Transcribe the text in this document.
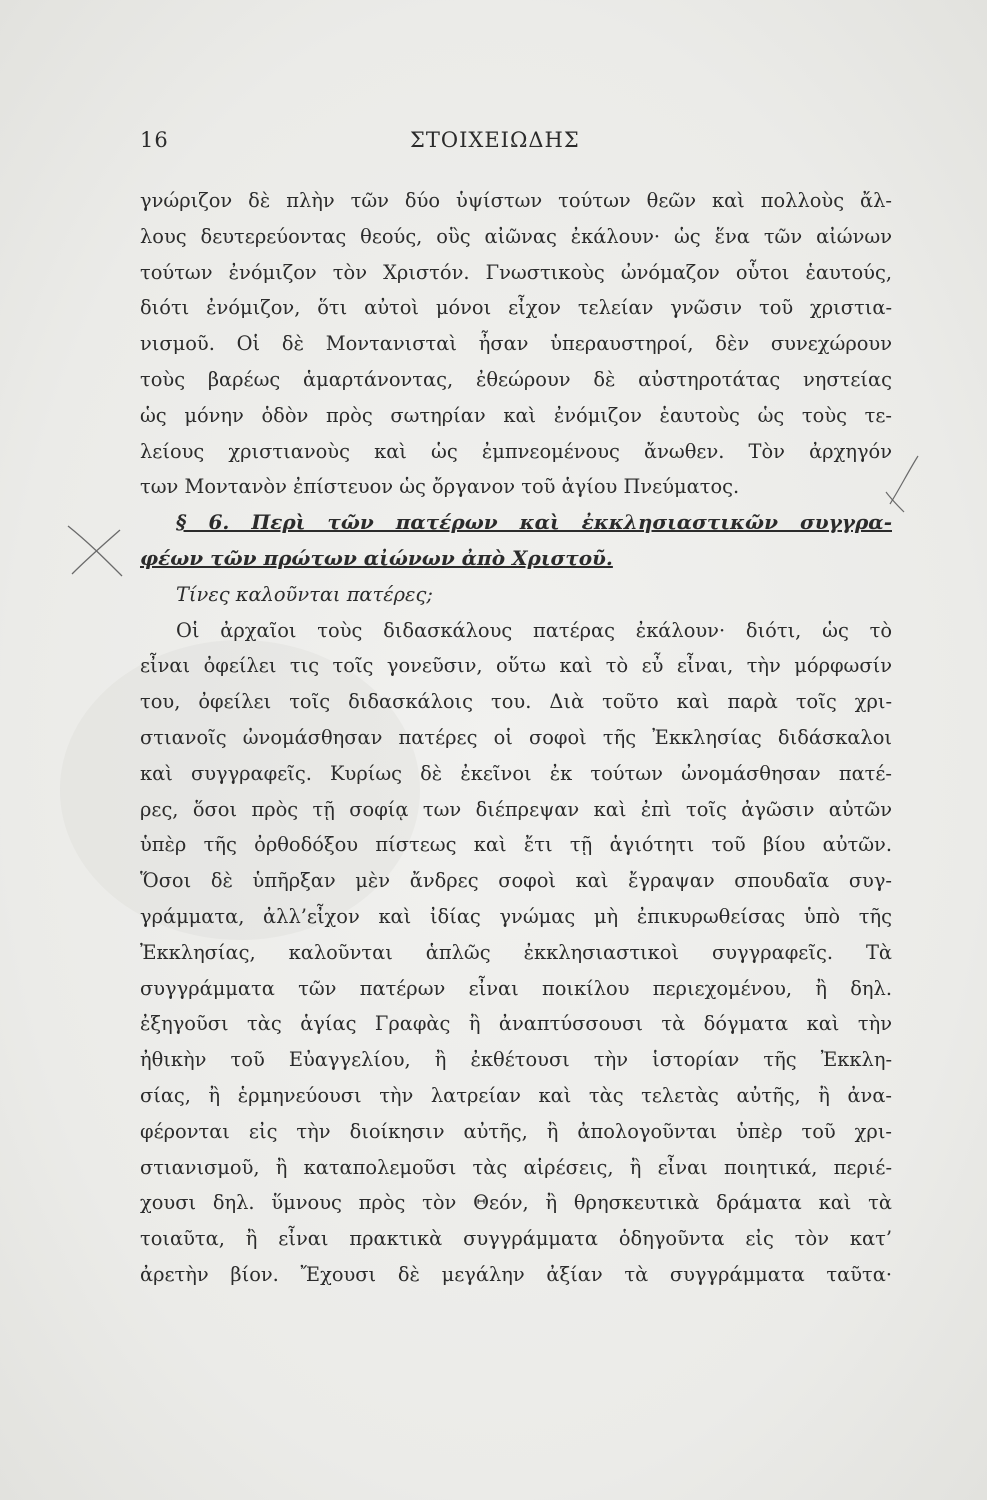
16	ΣΤΟΙΧΕΙΩΔΗΣ
γνώριζον δὲ πλὴν τῶν δύο ὑψίστων τούτων θεῶν καὶ πολλοὺς ἄλ-
λους δευτερεύοντας θεούς, οὓς αἰῶνας ἐκάλουν· ὡς ἕνα τῶν αἰώνων
τούτων ἐνόμιζον τὸν Χριστόν. Γνωστικοὺς ὠνόμαζον οὗτοι ἑαυτούς,
διότι ἐνόμιζον, ὅτι αὐτοὶ μόνοι εἶχον τελείαν γνῶσιν τοῦ χριστια-
νισμοῦ. Οἱ δὲ Μοντανισταὶ ἦσαν ὑπεραυστηροί, δὲν συνεχώρουν
τοὺς βαρέως ἁμαρτάνοντας, ἐθεώρουν δὲ αὐστηροτάτας νηστείας
ὡς μόνην ὁδὸν πρὸς σωτηρίαν καὶ ἐνόμιζον ἑαυτοὺς ὡς τοὺς τε-
λείους χριστιανοὺς καὶ ὡς ἐμπνεομένους ἄνωθεν. Τὸν ἀρχηγόν
των Μοντανὸν ἐπίστευον ὡς ὄργανον τοῦ ἁγίου Πνεύματος.
§ 6. Περὶ τῶν πατέρων καὶ ἐκκλησιαστικῶν συγγρα-
φέων τῶν πρώτων αἰώνων ἀπὸ Χριστοῦ.
Τίνες καλοῦνται πατέρες;
Οἱ ἀρχαῖοι τοὺς διδασκάλους πατέρας ἐκάλουν· διότι, ὡς τὸ
εἶναι ὀφείλει τις τοῖς γονεῦσιν, οὕτω καὶ τὸ εὖ εἶναι, τὴν μόρφωσίν
του, ὀφείλει τοῖς διδασκάλοις του. Διὰ τοῦτο καὶ παρὰ τοῖς χρι-
στιανοῖς ὠνομάσθησαν πατέρες οἱ σοφοὶ τῆς Ἐκκλησίας διδάσκαλοι
καὶ συγγραφεῖς. Κυρίως δὲ ἐκεῖνοι ἐκ τούτων ὠνομάσθησαν πατέ-
ρες, ὅσοι πρὸς τῇ σοφίᾳ των διέπρεψαν καὶ ἐπὶ τοῖς ἀγῶσιν αὐτῶν
ὑπὲρ τῆς ὀρθοδόξου πίστεως καὶ ἔτι τῇ ἁγιότητι τοῦ βίου αὐτῶν.
Ὅσοι δὲ ὑπῆρξαν μὲν ἄνδρες σοφοὶ καὶ ἔγραψαν σπουδαῖα συγ-
γράμματα, ἀλλ’εἶχον καὶ ἰδίας γνώμας μὴ ἐπικυρωθείσας ὑπὸ τῆς
Ἐκκλησίας, καλοῦνται ἁπλῶς ἐκκλησιαστικοὶ συγγραφεῖς. Τὰ
συγγράμματα τῶν πατέρων εἶναι ποικίλου περιεχομένου, ἢ δηλ.
ἐξηγοῦσι τὰς ἁγίας Γραφὰς ἢ ἀναπτύσσουσι τὰ δόγματα καὶ τὴν
ἠθικὴν τοῦ Εὐαγγελίου, ἢ ἐκθέτουσι τὴν ἱστορίαν τῆς Ἐκκλη-
σίας, ἢ ἑρμηνεύουσι τὴν λατρείαν καὶ τὰς τελετὰς αὐτῆς, ἢ ἀνα-
φέρονται εἰς τὴν διοίκησιν αὐτῆς, ἢ ἀπολογοῦνται ὑπὲρ τοῦ χρι-
στιανισμοῦ, ἢ καταπολεμοῦσι τὰς αἱρέσεις, ἢ εἶναι ποιητικά, περιέ-
χουσι δηλ. ὕμνους πρὸς τὸν Θεόν, ἢ θρησκευτικὰ δράματα καὶ τὰ
τοιαῦτα, ἢ εἶναι πρακτικὰ συγγράμματα ὁδηγοῦντα εἰς τὸν κατ’
ἀρετὴν βίον. Ἔχουσι δὲ μεγάλην ἀξίαν τὰ συγγράμματα ταῦτα·
